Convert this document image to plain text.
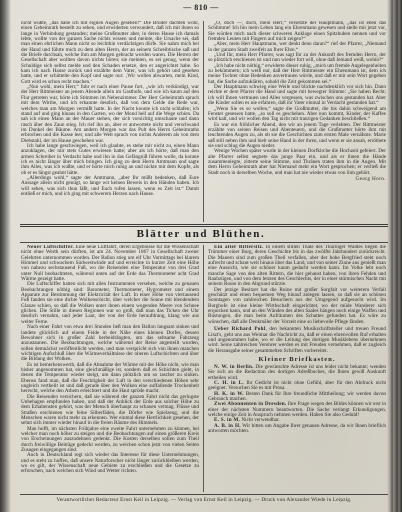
— 810 —

nicht wußte, „das habe ich mit eignen Augen gesehen!“ Die Brüder dachten wohl, einen Geheimrath bestellt zu sehen, und erwiderten verwundert, daß ich mit ihnen so lange in Verbindung gestanden; meine Großmutter aber, in deren Hause ich damals lebte, wollte von der ganzen Sache nichts wissen und meinte, die Ursache sei, daß man einen ehrlichen Mann nicht so leichthin verdächtigen dürfe. Sie nahm mich bei der Hand und führte mich zu dem alten Herrn, der an seinem Schreibtische saß und die Briefe durchsah, welche ihm am Morgen gebracht worden waren. Die Herren der Gesellschaft aber wollten davon nichts hören; sie meinten, es sei genug, wenn der Schuldige sich selbst melde und den Schaden ersetze, den er angerichtet habe. So kam ich nach Hause zurück und erzählte dem Vater, was ich gehört und gesehen hatte, und er schüttelte den Kopf und sagte nur: ‚Wir wollen abwarten, mein Kind, Gott wird es schon recht machen.‘

„Nun wohl, mein Herr,“ fuhr er nach einer Pause fort, „wie ich verkündigt, war der Herr Rittmeister an jenem Abende allein im Gasthofe, und wie ich kaum auf den Flur getreten war, hörte ich Stimmen im Nebenzimmer. Der Herr Geheimrath sprach mit dem Wirthe, und ich erkannte deutlich, daß von dem Gelde die Rede war, welches man am Morgen vermißt hatte. In der Nacht konnte ich nicht schlafen; ich stand auf und ging hinaus in den Garten, wo der Mond hell auf die Wege schien. Da sah ich einen Mann an der Mauer stehen, der sich vorsichtig umschaute und dann rasch über den Zaun stieg. Ich rief ihn an, aber er antwortete nicht und verschwand im Dunkel der Bäume. Am andern Morgen war das Pult des Herrn Geheimraths erbrochen und die Kasse leer, und alle Welt sprach von nichts Anderem als von dem Diebstahl, der im Hause geschehen war.

Ich habe lange geschwiegen, weil ich glaubte, es stehe mir nicht zu, einen Mann anzuklagen, der mir stets Gutes erwiesen hatte; aber als ich hörte, daß man den armen Schreiber in Verdacht habe und ihn in das Gefängniß führen wolle, da konnte ich es nicht länger über mich bringen. Ich ging zu dem Herrn Amtmann und sagte ihm Alles, was ich wußte, und er hörte mich ruhig an und nickte mit dem Kopfe, als ob er es längst geahnt hätte.

„Allerdings wohl,“ sagte der Amtmann, „aber Ihr müßt bedenken, daß Eure Aussage allein nicht genügt, so lange wir keinen Beweis in den Händen haben. Ich will sehen, was sich thun läßt, und Euch rufen lassen, wenn es Zeit ist.“ Damit entließ er mich, und ich ging mit schwerem Herzen nach Hause.

„O, doch —, doch, mein Herr,“ versetzte der Hauptmann, „das ist eben das Schlimme! Ich bin mein Leben lang ein Ehrenmann gewesen und stelle mir jetzt vor, Sie würden mich nach dieser schweren Anklage einen Spitzbuben nennen und vor fremden Leuten mit Fingern auf mich zeigen?“

„Aber, mein Herr Hauptmann, wer denkt denn daran?“ rief der Pfarrer, „Niemand in der ganzen Stadt zweifelt an Ihrer Ehre.“

„Und Ihr, mein Herr Pfarrer, was sagt Ihr zu der Ankunft des fremden Herrn, der so plötzlich erschienen ist und nun wieder fort will, ohne daß Jemand weiß, wohin?“

„Ich habe nicht nöthig,“ erwiderte dieser ruhig, „mich um fremde Angelegenheiten zu bekümmern; ich weiß nur, daß der Herr Rittmeister ein Ehrenmann ist, dem ich meine Tochter ohne Bedenken anvertrauen würde, und daß er mir sein Wort gegeben hat, die Sache aufzuklären, sobald die Zeit gekommen sei.“

Der Hauptmann schwieg eine Weile und blickte nachdenklich vor sich hin. Dann reichte er dem Pfarrer die Hand und sagte mit bewegter Stimme: „Sie haben Recht; ich will Ihnen vertrauen und Alles vergessen, was zwischen uns gestanden hat. Aber die Kinder sollen es nie erfahren, daß ihr Vater einmal in Verdacht gestanden hat.“

„Wenn Sie es so wollen,“ sagte die Großmutter, die bis dahin schweigend am Fenster gesessen hatte, „so soll es geschehen. Aber nun kommt, Kinder, der Kaffee wird kalt, und wir wollen den Tag nicht mit traurigen Gedanken beschließen.“

Es war ein fröhlicher Abend, den wir an jenem Tage verlebten. Der Rittmeister erzählte von seinen Reisen und Abenteuern, und die Großmutter hörte ihm mit leuchtenden Augen zu, als ob sie die Geschichten zum ersten Male vernähme. Marie saß still neben ihm und hielt seine Hand in der ihren, und wenn er sie ansah, erröthete sie und schlug die Augen nieder.

Wenige Wochen später wurde in der kleinen Dorfkirche die Hochzeit gefeiert. Der alte Pfarrer selbst segnete das junge Paar ein, und als er ihnen die Hände zusammenlegte, zitterte seine Stimme, und Thränen traten ihm in die Augen. Mit dem Herrn Geheimrath aber hat Niemand mehr ein Wort gesprochen; er verließ die Stadt noch in derselben Woche, und man hat nie wieder etwas von ihm gehört.

Georg Horn.
Blätter und Blüthen.

Neuer Luftschiffer. Eine neue Luftfahrt, deren Ergebnisse für die Wissenschaft nicht ohne Werth sein dürften, ist am 24. November 1867 in Gesellschaft zweier Gelehrten unternommen worden. Der Ballon stieg um elf Uhr Vormittags bei klarem Himmel und schwachem Südwestwinde auf und erreichte in kurzer Zeit eine Höhe von nahezu sechstausend Fuß, wo die Reisenden eine Temperatur von drei Grad unter Null beobachteten, während unten auf der Erde das Thermometer acht Grad Wärme gezeigt hatte.

Die Luftschiffer hatten sich mit allen Instrumenten versehen, welche zu genauen Beobachtungen nöthig sind: Barometer, Thermometer, Hygrometer und einem Apparate zur Bestimmung der Elektricität der Luft. In einer Höhe von viertausend Fuß fanden sie eine dichte Wolkenschicht, über welcher die Sonne mit blendendem Glanze schien, so daß die Wolken unter ihnen einem wogenden Meere von Schnee glichen. Die Stille in diesen Regionen war so groß, daß man das Ticken der Uhr deutlich vernahm, und jeder Laut, der von der Erde heraufdrang, klang wie aus weiter Ferne.

Nach einer Fahrt von etwa drei Stunden ließ man den Ballon langsam sinken und landete glücklich auf einem Felde in der Nähe eines kleinen Dorfes, dessen Bewohner sich in großer Zahl herbeidrängten, um das seltsame Fahrzeug anzustaunen. Die Beobachtungen, welche während der Reise angestellt wurden, sollen demnächst veröffentlicht werden, und man verspricht sich von ihnen manchen wichtigen Aufschluß über die Wärmeverhältnisse der oberen Luftschichten und über die Bildung der Wolken.

Es ist bemerkenswerth, daß die Abnahme der Wärme mit der Höhe nicht, wie man bisher angenommen hat, eine gleichmäßige ist, sondern daß es Schichten giebt, in denen die Temperatur wieder steigt, um dann plötzlich um so rascher zu sinken. Ebenso fand man, daß die Feuchtigkeit der Luft in den verschiedenen Höhen sehr ungleich vertheilt ist und daß gerade über den Wolken eine auffallende Trockenheit herrscht, welche den Athem erleichtert und die Haut spröde macht.

Die Reisenden versichern, daß sie während der ganzen Fahrt nicht das geringste Unbehagen empfunden haben, und daß der Anblick der Erde aus solcher Höhe zu dem Erhabensten gehört, was der Mensch überhaupt zu schauen vermag. Flüsse und Straßen erschienen wie feine Silberfäden, die Dörfer wie Spielzeug, und die Menschen waren nicht mehr zu erkennen. Wer einmal diese Herrlichkeit gesehen, der sehnt sich immer wieder hinauf in die freien Räume des Himmels.

Man hofft, im nächsten Frühjahre eine zweite Fahrt unternehmen zu können, bei welcher man noch höher zu steigen und die Beobachtungen auf einen größeren Kreis von Erscheinungen auszudehnen gedenkt. Die Kosten derselben sollen zum Theil durch freiwillige Beiträge gedeckt werden, zu welchen schon jetzt von vielen Seiten Zusagen eingegangen sind.

Auch in Deutschland regt sich wieder das Interesse für diese Unternehmungen, und es steht zu hoffen, daß unsere Naturforscher nicht länger zurückbleiben werden, wo es gilt, der Wissenschaft neue Gebiete zu erschließen und die Gesetze zu erforschen, nach welchen sich Wind und Wetter richten.

Ein alter Rittersitz. In einem stillen Thale des Thüringer Waldes liegen die Trümmer einer Burg, deren Geschichte bis in das zwölfte Jahrhundert zurückreicht. Die Mauern sind zum großen Theil verfallen, aber der hohe Bergfried steht noch aufrecht und schaut weit hinaus über das Land, und von seiner Zinne aus genießt man eine Aussicht, wie sie schöner kaum gedacht werden kann. Im Volke lebt noch manche Sage von den alten Rittern, die hier gehaust haben, von ihren Fehden und Raubzügen, und von dem letzten des Geschlechts, der in einer stürmischen Nacht mit seinem Rosse in den Abgrund stürzte.

Der jetzige Besitzer hat die Ruine mit großer Sorgfalt vor weiterem Verfall geschützt und einen bequemen Weg hinauf anlegen lassen, so daß sie an schönen Sonntagen von zahlreichen Besuchern aus der Umgegend aufgesucht wird. Im Burghofe ist eine kleine Wirthschaft eingerichtet, wo der müde Wanderer sich erquicken kann, und an den Wänden des alten Saales hängen noch einige Waffen und Rüstungen, die man beim Aufräumen des Schuttes gefunden hat. Es wäre zu wünschen, daß alle Denkmäler der Vorzeit eine so liebevolle Pflege fänden.

Ueber Richard Pohl, den bekannten Musikschriftsteller und treuen Freund Liszt's, geht uns aus Weimar die Nachricht zu, daß er einen ehrenvollen Ruf erhalten und angenommen habe, wo er die Leitung des dortigen Musiklebens übernehmen wird. Seine zahlreichen Verehrer werden es mit Freuden vernehmen, daß er zugleich die Herausgabe seiner gesammelten Schriften vorbereitet.

Kleiner Briefkasten.

N. W. in Berlin. Die gewünschte Adresse ist uns leider nicht bekannt; wenden Sie sich an die Redaction des dortigen Adreßbuches, die Ihnen gewiß Auskunft ertheilen wird.

C. H. in L. Ihr Gedicht ist nicht ohne Gefühl, aber für den Abdruck nicht geeignet. Versuchen Sie es mit Prosa.

H. K. in W. Besten Dank für Ihre freundliche Mittheilung; wir werden davon Gebrauch machen.

Zwei Abonnenten in Dresden. Ihre Frage wegen des Bildes können wir erst in einer der nächsten Nummern beantworten. Die Sache verlangt Erkundigungen, welche einige Zeit in Anspruch nehmen werden. Haben Sie also Geduld!

E. S. in M. Nicht verwendbar.

A. B. in H. Wir bitten um Angabe Ihrer genauen Adresse, da wir Ihnen brieflich antworten möchten.

Verantwortlicher Redacteur Ernst Keil in Leipzig. — Verlag von Ernst Keil in Leipzig. — Druck von Alexander Wiede in Leipzig.
